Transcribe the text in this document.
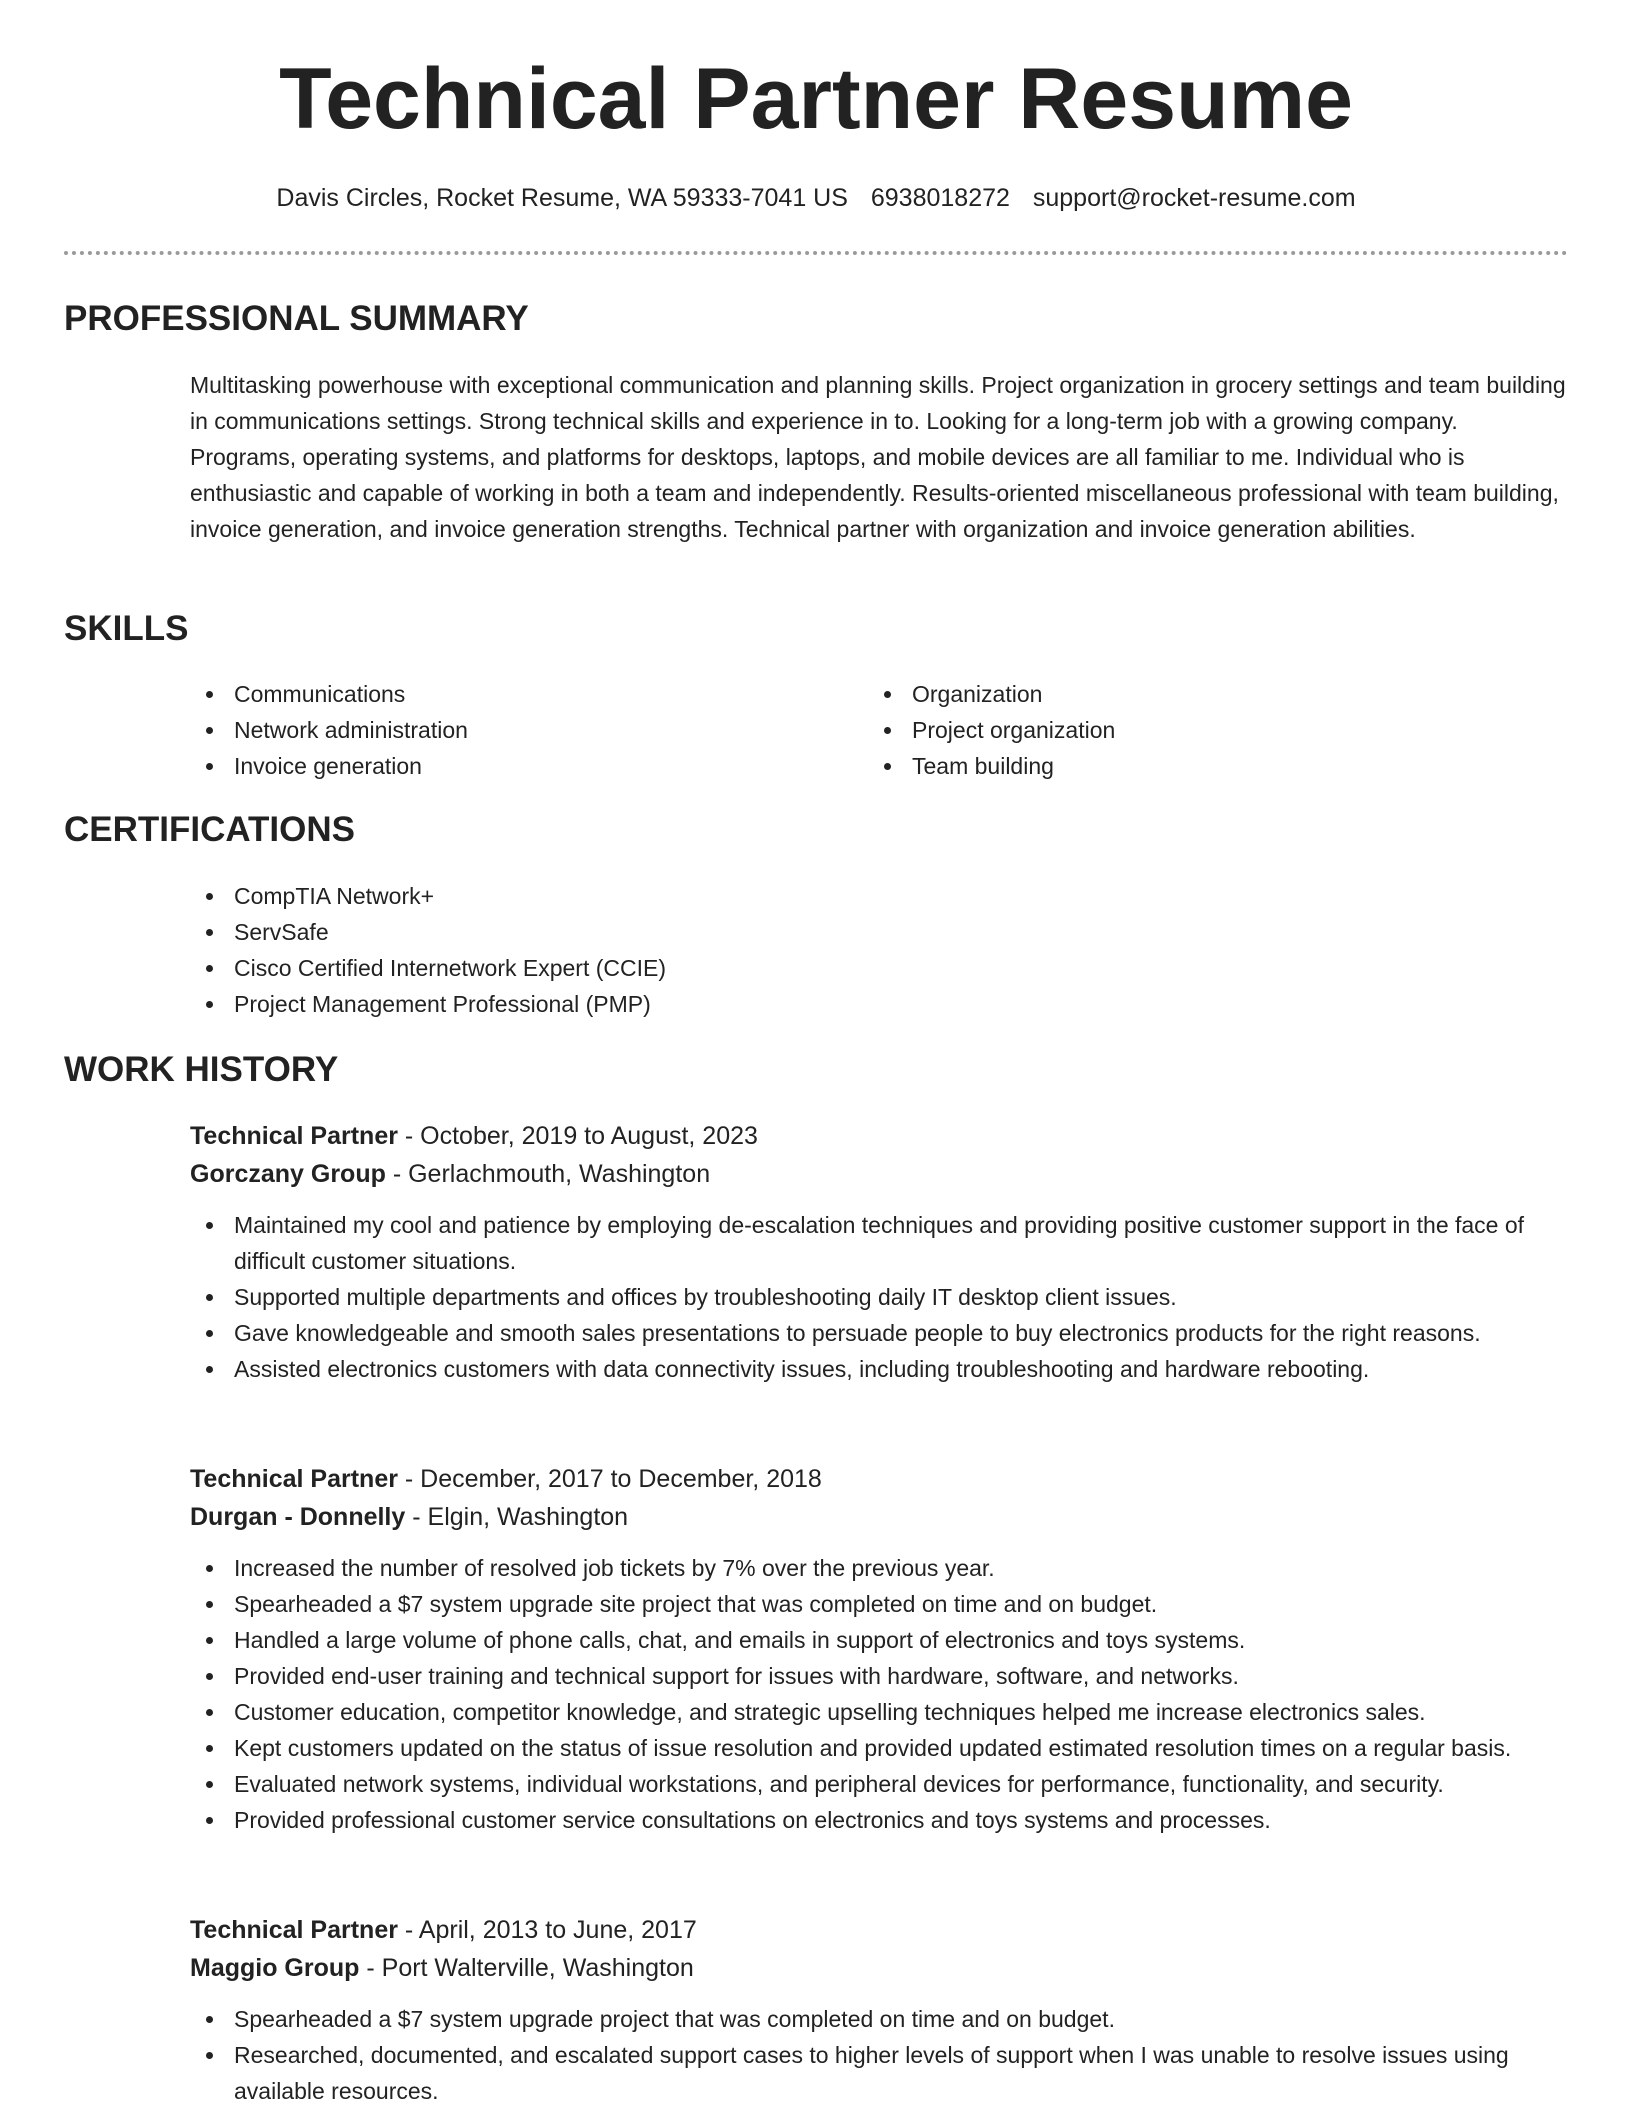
Technical Partner Resume
Davis Circles, Rocket Resume, WA 59333-7041 US 6938018272 support@rocket-resume.com
PROFESSIONAL SUMMARY

Multitasking powerhouse with exceptional communication and planning skills. Project organization in grocery settings and team building in communications settings. Strong technical skills and experience in to. Looking for a long-term job with a growing company. Programs, operating systems, and platforms for desktops, laptops, and mobile devices are all familiar to me. Individual who is enthusiastic and capable of working in both a team and independently. Results-oriented miscellaneous professional with team building, invoice generation, and invoice generation strengths. Technical partner with organization and invoice generation abilities.

SKILLS
Communications
Network administration
Invoice generation
Organization
Project organization
Team building
CERTIFICATIONS
CompTIA Network+
ServSafe
Cisco Certified Internetwork Expert (CCIE)
Project Management Professional (PMP)
WORK HISTORY
Technical Partner - October, 2019 to August, 2023
Gorczany Group - Gerlachmouth, Washington
Maintained my cool and patience by employing de-escalation techniques and providing positive customer support in the face of difficult customer situations.
Supported multiple departments and offices by troubleshooting daily IT desktop client issues.
Gave knowledgeable and smooth sales presentations to persuade people to buy electronics products for the right reasons.
Assisted electronics customers with data connectivity issues, including troubleshooting and hardware rebooting.
Technical Partner - December, 2017 to December, 2018
Durgan - Donnelly - Elgin, Washington
Increased the number of resolved job tickets by 7% over the previous year.
Spearheaded a $7 system upgrade site project that was completed on time and on budget.
Handled a large volume of phone calls, chat, and emails in support of electronics and toys systems.
Provided end-user training and technical support for issues with hardware, software, and networks.
Customer education, competitor knowledge, and strategic upselling techniques helped me increase electronics sales.
Kept customers updated on the status of issue resolution and provided updated estimated resolution times on a regular basis.
Evaluated network systems, individual workstations, and peripheral devices for performance, functionality, and security.
Provided professional customer service consultations on electronics and toys systems and processes.
Technical Partner - April, 2013 to June, 2017
Maggio Group - Port Walterville, Washington
Spearheaded a $7 system upgrade project that was completed on time and on budget.
Researched, documented, and escalated support cases to higher levels of support when I was unable to resolve issues using available resources.
